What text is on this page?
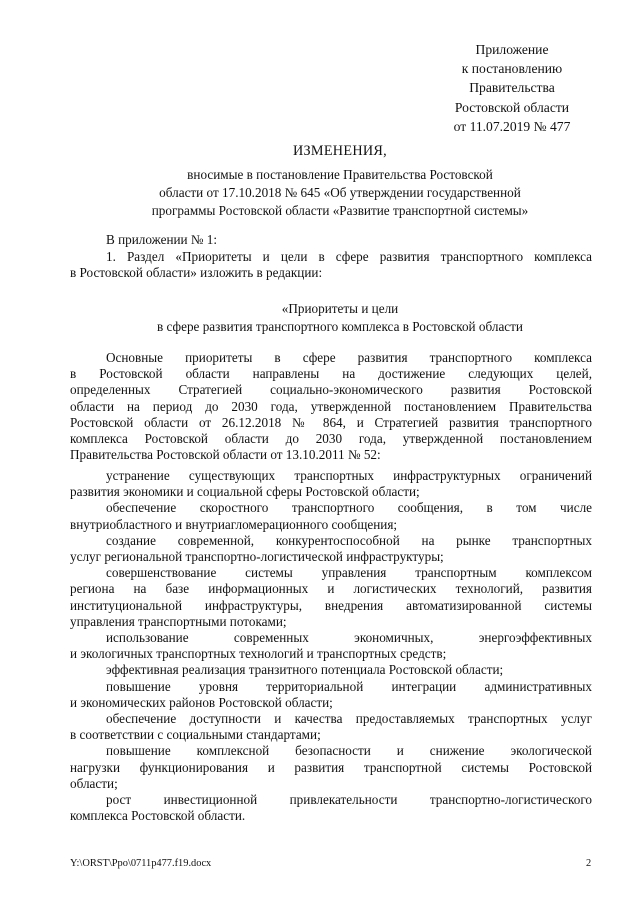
Приложение
к постановлению
Правительства
Ростовской области
от 11.07.2019 № 477
ИЗМЕНЕНИЯ,
вносимые в постановление Правительства Ростовской
области от 17.10.2018 № 645 «Об утверждении государственной
программы Ростовской области «Развитие транспортной системы»
В приложении № 1:
1. Раздел «Приоритеты и цели в сфере развития транспортного комплекса
в Ростовской области» изложить в редакции:
«Приоритеты и цели
в сфере развития транспортного комплекса в Ростовской области
Основные приоритеты в сфере развития транспортного комплекса
в Ростовской области направлены на достижение следующих целей,
определенных Стратегией социально-экономического развития Ростовской
области на период до 2030 года, утвержденной постановлением Правительства
Ростовской области от 26.12.2018 № 864, и Стратегией развития транспортного
комплекса Ростовской области до 2030 года, утвержденной постановлением
Правительства Ростовской области от 13.10.2011 № 52:
устранение существующих транспортных инфраструктурных ограничений
развития экономики и социальной сферы Ростовской области;
обеспечение скоростного транспортного сообщения, в том числе
внутриобластного и внутриагломерационного сообщения;
создание современной, конкурентоспособной на рынке транспортных
услуг региональной транспортно-логистической инфраструктуры;
совершенствование системы управления транспортным комплексом
региона на базе информационных и логистических технологий, развития
институциональной инфраструктуры, внедрения автоматизированной системы
управления транспортными потоками;
использование современных экономичных, энергоэффективных
и экологичных транспортных технологий и транспортных средств;
эффективная реализация транзитного потенциала Ростовской области;
повышение уровня территориальной интеграции административных
и экономических районов Ростовской области;
обеспечение доступности и качества предоставляемых транспортных услуг
в соответствии с социальными стандартами;
повышение комплексной безопасности и снижение экологической
нагрузки функционирования и развития транспортной системы Ростовской
области;
рост инвестиционной привлекательности транспортно-логистического
комплекса Ростовской области.
Y:\ORST\Ppo\0711p477.f19.docx	2
